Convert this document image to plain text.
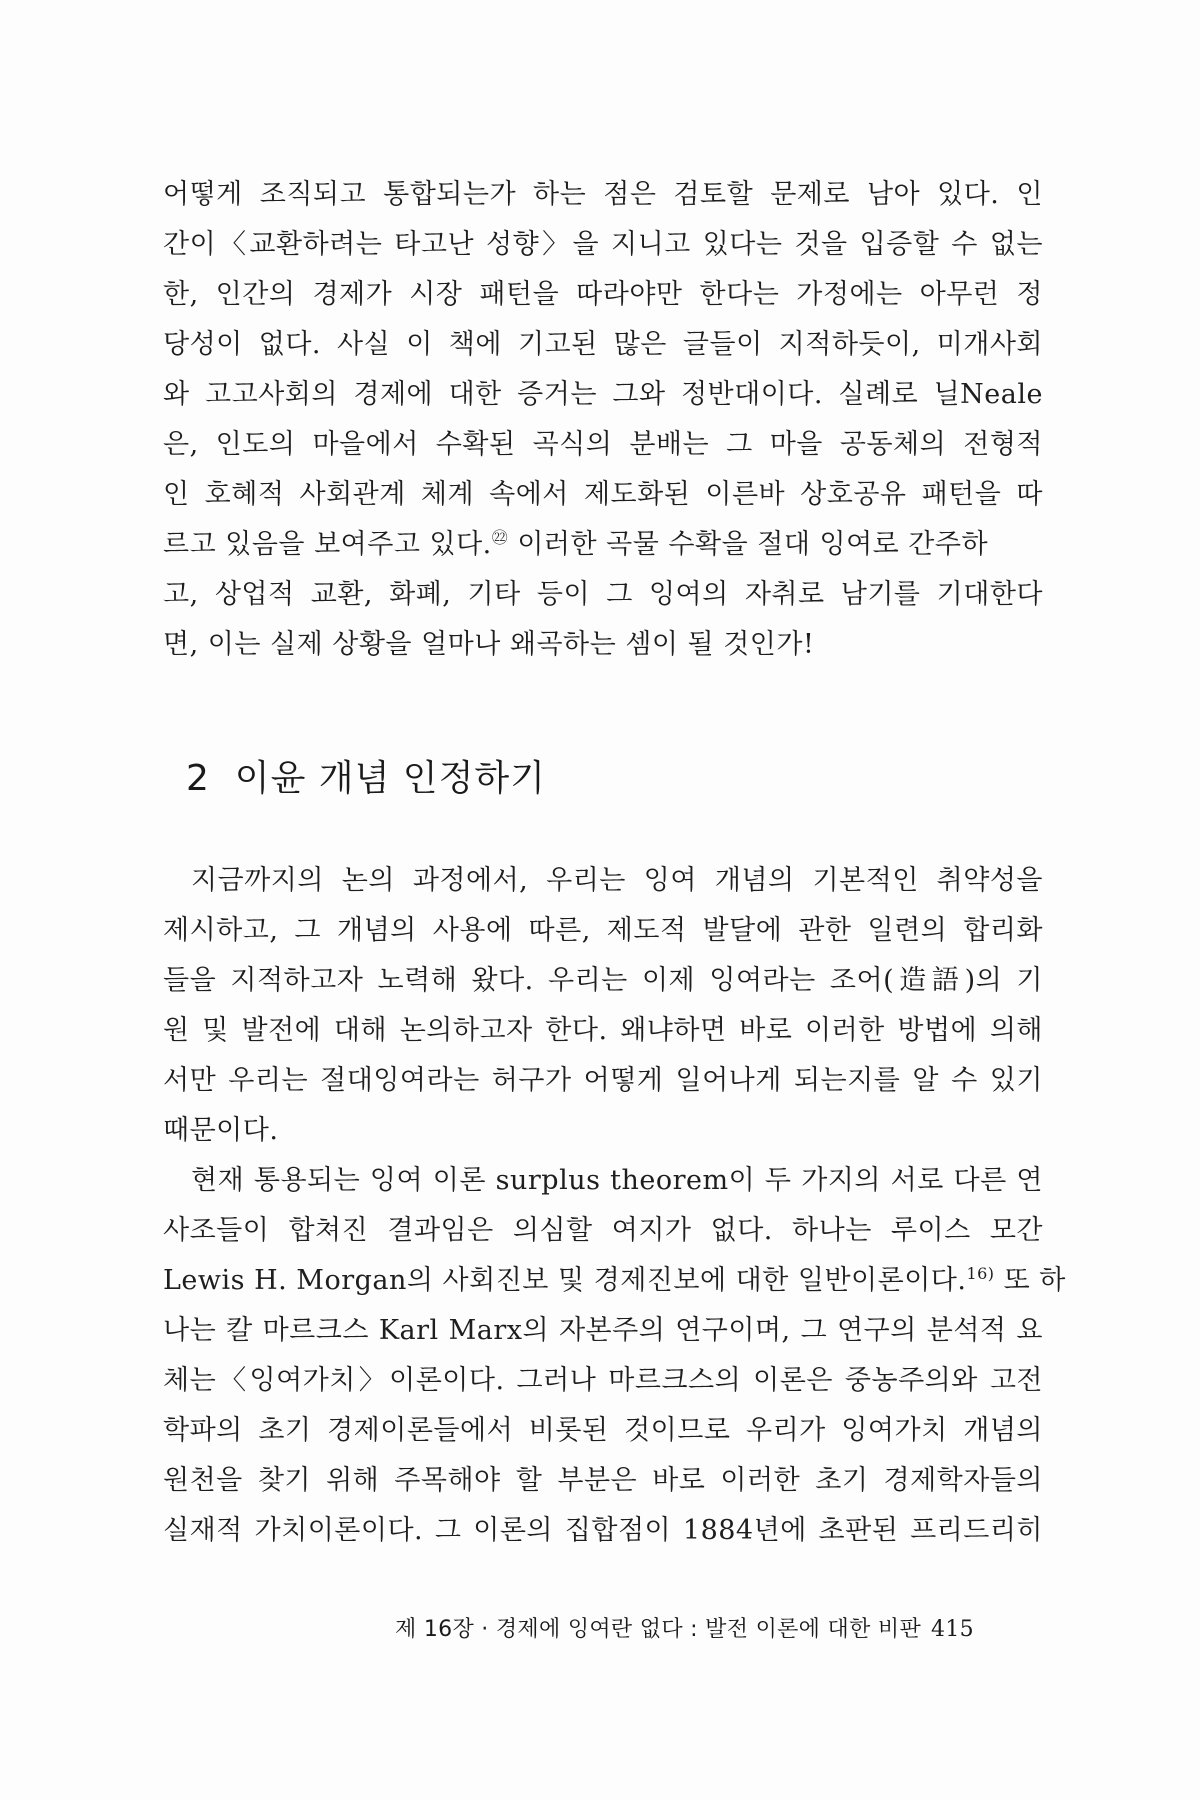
어떻게 조직되고 통합되는가 하는 점은 검토할 문제로 남아 있다. 인
간이〈교환하려는 타고난 성향〉을 지니고 있다는 것을 입증할 수 없는
한, 인간의 경제가 시장 패턴을 따라야만 한다는 가정에는 아무런 정
당성이 없다. 사실 이 책에 기고된 많은 글들이 지적하듯이, 미개사회
와 고고사회의 경제에 대한 증거는 그와 정반대이다. 실례로 닐Neale
은, 인도의 마을에서 수확된 곡식의 분배는 그 마을 공동체의 전형적
인 호혜적 사회관계 체계 속에서 제도화된 이른바 상호공유 패턴을 따
르고 있음을 보여주고 있다.$^㉒$ 이러한 곡물 수확을 절대 잉여로 간주하
고, 상업적 교환, 화폐, 기타 등이 그 잉여의 자취로 남기를 기대한다
면, 이는 실제 상황을 얼마나 왜곡하는 셈이 될 것인가!
2 이윤 개념 인정하기
지금까지의 논의 과정에서, 우리는 잉여 개념의 기본적인 취약성을
제시하고, 그 개념의 사용에 따른, 제도적 발달에 관한 일련의 합리화
들을 지적하고자 노력해 왔다. 우리는 이제 잉여라는 조어(造語)의 기
원 및 발전에 대해 논의하고자 한다. 왜냐하면 바로 이러한 방법에 의해
서만 우리는 절대잉여라는 허구가 어떻게 일어나게 되는지를 알 수 있기
때문이다.
현재 통용되는 잉여 이론 surplus theorem이 두 가지의 서로 다른 연
사조들이 합쳐진 결과임은 의심할 여지가 없다. 하나는 루이스 모간
Lewis H. Morgan의 사회진보 및 경제진보에 대한 일반이론이다.$^{16)}$ 또 하
나는 칼 마르크스 Karl Marx의 자본주의 연구이며, 그 연구의 분석적 요
체는〈잉여가치〉이론이다. 그러나 마르크스의 이론은 중농주의와 고전
학파의 초기 경제이론들에서 비롯된 것이므로 우리가 잉여가치 개념의
원천을 찾기 위해 주목해야 할 부분은 바로 이러한 초기 경제학자들의
실재적 가치이론이다. 그 이론의 집합점이 1884년에 초판된 프리드리히
제 16장 · 경제에 잉여란 없다 : 발전 이론에 대한 비판 415
